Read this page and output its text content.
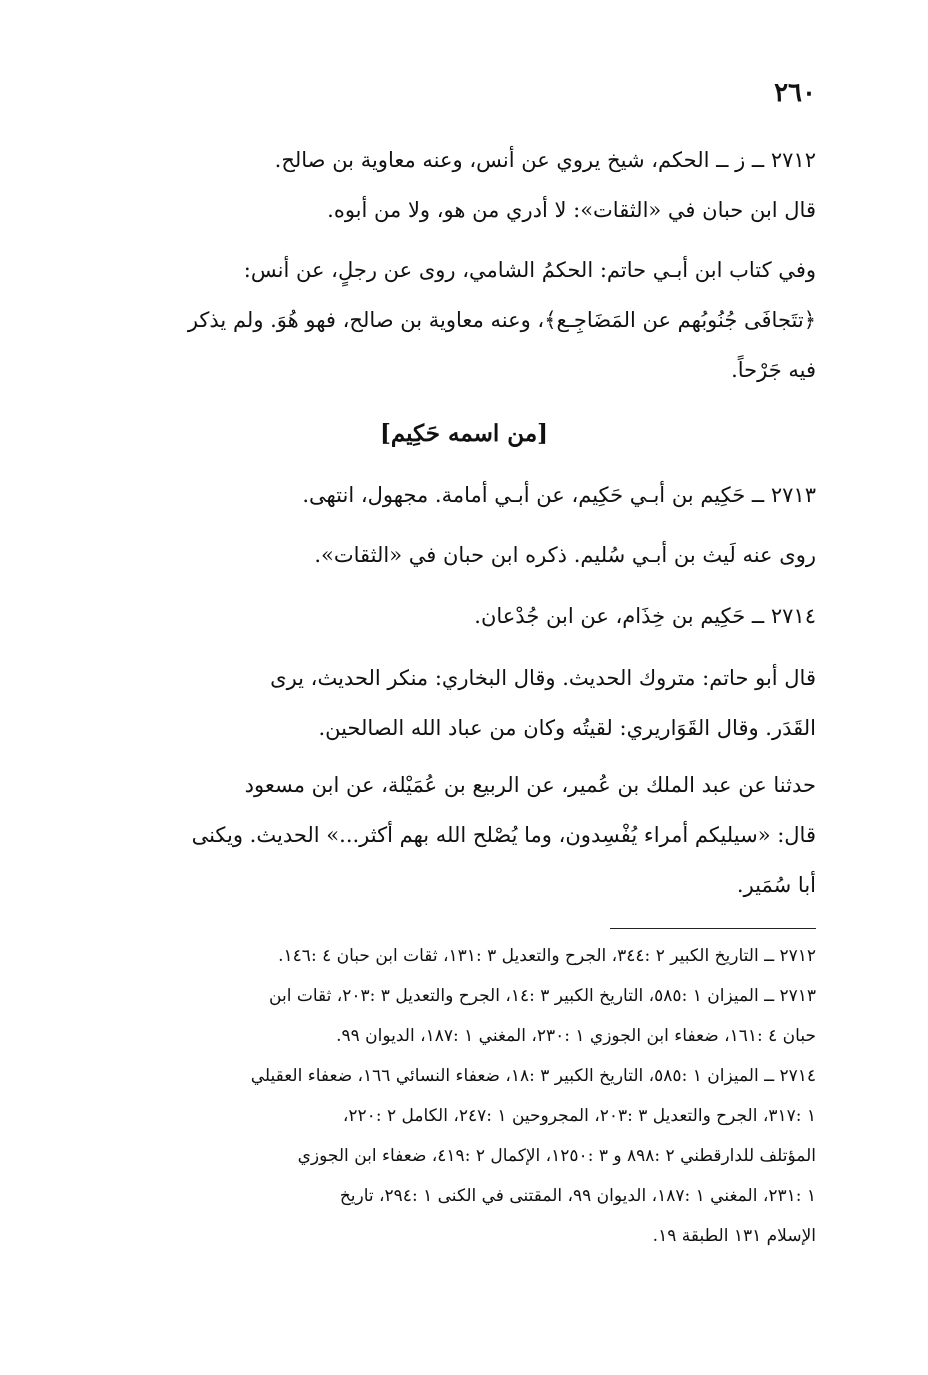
٢٦٠
٢٧١٢ ــ ز ــ الحكم، شيخ يروي عن أنس، وعنه معاوية بن صالح.
قال ابن حبان في «الثقات»: لا أدري من هو، ولا من أبوه.
وفي كتاب ابن أبـي حاتم: الحكمُ الشامي، روى عن رجلٍ، عن أنس:
﴿تتَجافَى جُنُوبُهم عن المَضَاجِـع﴾، وعنه معاوية بن صالح، فهو هُوَ. ولم يذكر
فيه جَرْحاً.
[من اسمه حَكِيم]
٢٧١٣ ــ حَكِيم بن أبـي حَكِيم، عن أبـي أمامة. مجهول، انتهى.
روى عنه لَيث بن أبـي سُليم. ذكره ابن حبان في «الثقات».
٢٧١٤ ــ حَكِيم بن خِذَام، عن ابن جُدْعان.
قال أبو حاتم: متروك الحديث. وقال البخاري: منكر الحديث، يرى
القَدَر. وقال القَوَاريري: لقيتُه وكان من عباد الله الصالحين.
حدثنا عن عبد الملك بن عُمير، عن الربيع بن عُمَيْلة، عن ابن مسعود
قال: «سيليكم أمراء يُفْسِدون، وما يُصْلح الله بهم أكثر...» الحديث. ويكنى
أبا سُمَير.
٢٧١٢ ــ التاريخ الكبير ٢ :٣٤٤، الجرح والتعديل ٣ :١٣١، ثقات ابن حبان ٤ :١٤٦.
٢٧١٣ ــ الميزان ١ :٥٨٥، التاريخ الكبير ٣ :١٤، الجرح والتعديل ٣ :٢٠٣، ثقات ابن
حبان ٤ :١٦١، ضعفاء ابن الجوزي ١ :٢٣٠، المغني ١ :١٨٧، الديوان ٩٩.
٢٧١٤ ــ الميزان ١ :٥٨٥، التاريخ الكبير ٣ :١٨، ضعفاء النسائي ١٦٦، ضعفاء العقيلي
١ :٣١٧، الجرح والتعديل ٣ :٢٠٣، المجروحين ١ :٢٤٧، الكامل ٢ :٢٢٠،
المؤتلف للدارقطني ٢ :٨٩٨ و ٣ :١٢٥٠، الإكمال ٢ :٤١٩، ضعفاء ابن الجوزي
١ :٢٣١، المغني ١ :١٨٧، الديوان ٩٩، المقتنى في الكنى ١ :٢٩٤، تاريخ
الإسلام ١٣١ الطبقة ١٩.
